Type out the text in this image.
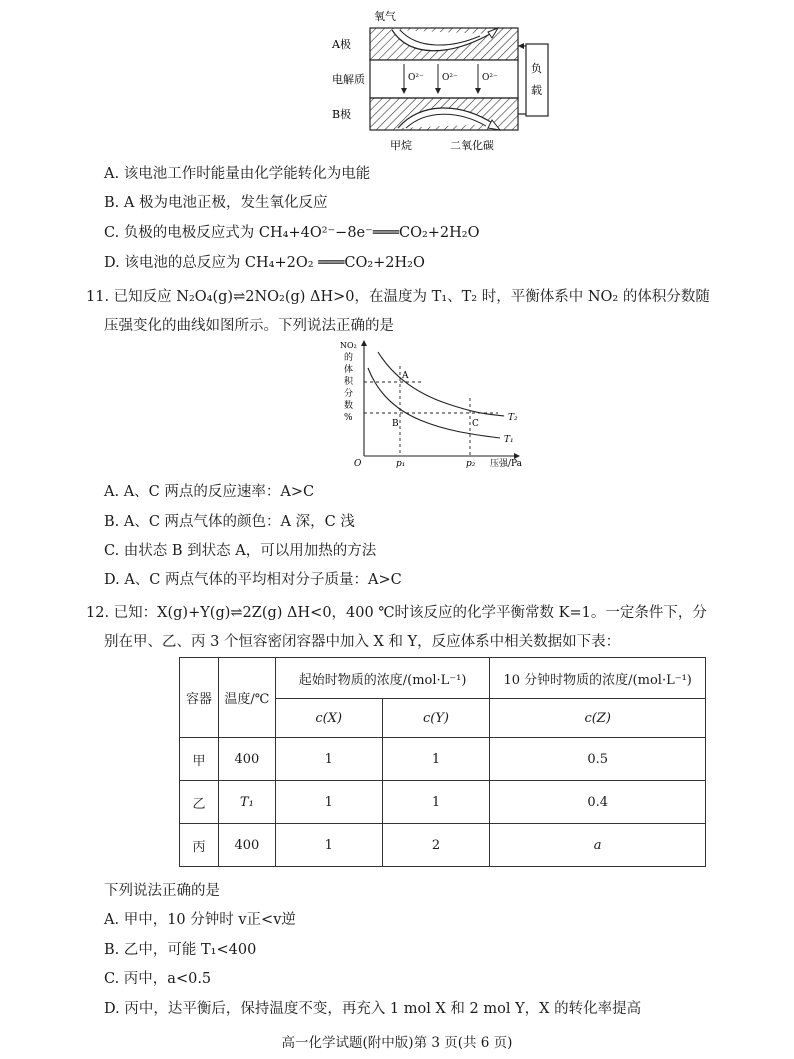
氧气
A极
电解质
B极
O²⁻ O²⁻	O²⁻
负
载
甲烷	二氧化碳
A. 该电池工作时能量由化学能转化为电能
B. A 极为电池正极，发生氧化反应
C. 负极的电极反应式为 CH₄+4O²⁻−8e⁻═══CO₂+2H₂O
D. 该电池的总反应为 CH₄+2O₂ ═══CO₂+2H₂O
11. 已知反应 N₂O₄(g)⇌2NO₂(g) ΔH>0，在温度为 T₁、T₂ 时，平衡体系中 NO₂ 的体积分数随
压强变化的曲线如图所示。下列说法正确的是
A
B	C
T₂
T₁
O	p₁	p₂ 压强/Pa
NO₂
的
体
积
分
数
%
A. A、C 两点的反应速率：A>C
B. A、C 两点气体的颜色：A 深，C 浅
C. 由状态 B 到状态 A，可以用加热的方法
D. A、C 两点气体的平均相对分子质量：A>C
12. 已知：X(g)+Y(g)⇌2Z(g) ΔH<0，400 ℃时该反应的化学平衡常数 K=1。一定条件下，分
别在甲、乙、丙 3 个恒容密闭容器中加入 X 和 Y，反应体系中相关数据如下表：
容器	温度/℃	起始时物质的浓度/(mol·L⁻¹)		10 分钟时物质的浓度/(mol·L⁻¹)
		c(X)	c(Y)	c(Z)
甲	400	1	1	0.5
乙	T₁	1	1	0.4
丙	400	1	2	a
下列说法正确的是
A. 甲中，10 分钟时 v正<v逆
B. 乙中，可能 T₁<400
C. 丙中，a<0.5
D. 丙中，达平衡后，保持温度不变，再充入 1 mol X 和 2 mol Y，X 的转化率提高
高一化学试题(附中版)第 3 页(共 6 页)
